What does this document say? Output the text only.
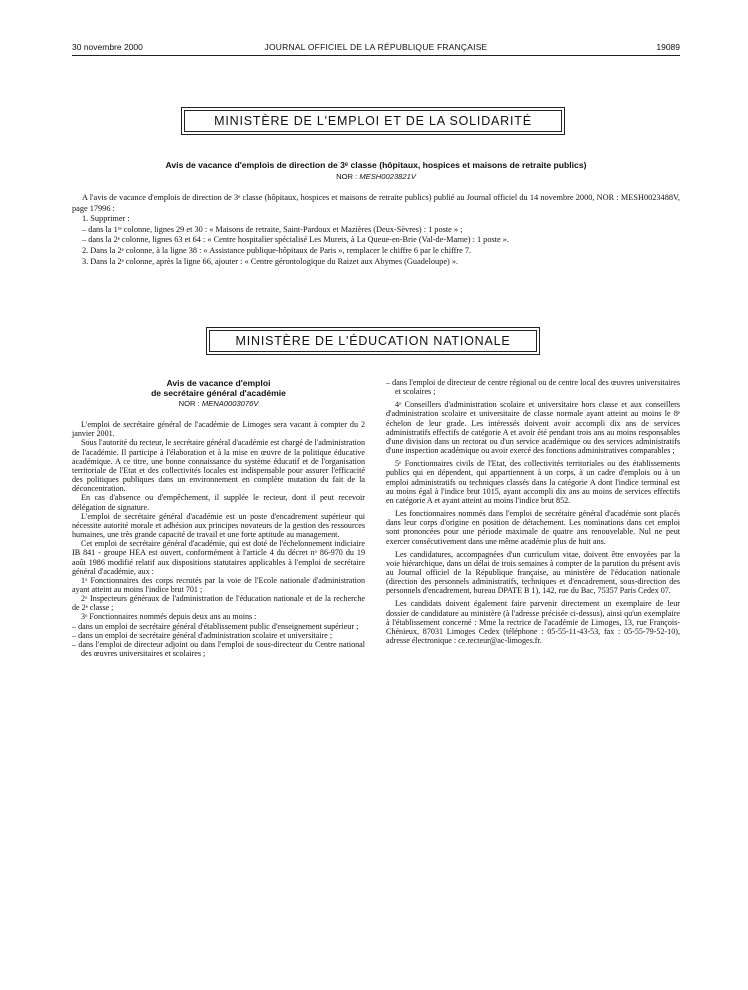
30 novembre 2000	JOURNAL OFFICIEL DE LA RÉPUBLIQUE FRANÇAISE	19089
MINISTÈRE DE L'EMPLOI ET DE LA SOLIDARITÉ
Avis de vacance d'emplois de direction de 3ᵉ classe (hôpitaux, hospices et maisons de retraite publics)
NOR : MESH0023821V

A l'avis de vacance d'emplois de direction de 3ᵉ classe (hôpitaux, hospices et maisons de retraite publics) publié au Journal officiel du 14 novembre 2000, NOR : MESH0023488V, page 17996 :

1. Supprimer :

– dans la 1ʳᵉ colonne, lignes 29 et 30 : « Maisons de retraite, Saint-Pardoux et Mazières (Deux-Sèvres) : 1 poste » ;

– dans la 2ᵉ colonne, lignes 63 et 64 : « Centre hospitalier spécialisé Les Murets, à La Queue-en-Brie (Val-de-Marne) : 1 poste ».

2. Dans la 2ᵉ colonne, à la ligne 38 : « Assistance publique-hôpitaux de Paris », remplacer le chiffre 6 par le chiffre 7.

3. Dans la 2ᵉ colonne, après la ligne 66, ajouter : « Centre gérontologique du Raizet aux Abymes (Guadeloupe) ».

MINISTÈRE DE L'ÉDUCATION NATIONALE

Avis de vacance d'emploi

de secrétaire général d'académie

NOR : MENA0003076V

L'emploi de secrétaire général de l'académie de Limoges sera vacant à compter du 2 janvier 2001.

Sous l'autorité du recteur, le secrétaire général d'académie est chargé de l'administration de l'académie. Il participe à l'élaboration et à la mise en œuvre de la politique éducative académique. A ce titre, une bonne connaissance du système éducatif et de l'organisation territoriale de l'Etat et des collectivités locales est indispensable pour assurer l'efficacité des politiques publiques dans un environnement en complète mutation du fait de la déconcentration.

En cas d'absence ou d'empêchement, il supplée le recteur, dont il peut recevoir délégation de signature.

L'emploi de secrétaire général d'académie est un poste d'encadrement supérieur qui nécessite autorité morale et adhésion aux principes novateurs de la gestion des ressources humaines, une très grande capacité de travail et une forte aptitude au management.

Cet emploi de secrétaire général d'académie, qui est doté de l'échelonnement indiciaire IB 841 - groupe HEA est ouvert, conformément à l'article 4 du décret nᵒ 86-970 du 19 août 1986 modifié relatif aux dispositions statutaires applicables à l'emploi de secrétaire général d'académie, aux :

1ᵒ Fonctionnaires des corps recrutés par la voie de l'Ecole nationale d'administration ayant atteint au moins l'indice brut 701 ;

2ᵒ Inspecteurs généraux de l'administration de l'éducation nationale et de la recherche de 2ᵉ classe ;

3ᵒ Fonctionnaires nommés depuis deux ans au moins :

– dans un emploi de secrétaire général d'établissement public d'enseignement supérieur ;

– dans un emploi de secrétaire général d'administration scolaire et universitaire ;

– dans l'emploi de directeur adjoint ou dans l'emploi de sous-directeur du Centre national des œuvres universitaires et scolaires ;

– dans l'emploi de directeur de centre régional ou de centre local des œuvres universitaires et scolaires ;

4ᵒ Conseillers d'administration scolaire et universitaire hors classe et aux conseillers d'administration scolaire et universitaire de classe normale ayant atteint au moins le 8ᵉ échelon de leur grade. Les intéressés doivent avoir accompli dix ans de services administratifs effectifs de catégorie A et avoir été pendant trois ans au moins responsables d'une division dans un rectorat ou d'un service académique ou des services administratifs d'une inspection académique ou avoir exercé des fonctions administratives comparables ;

5ᵒ Fonctionnaires civils de l'Etat, des collectivités territoriales ou des établissements publics qui en dépendent, qui appartiennent à un corps, à un cadre d'emplois ou à un emploi administratifs ou techniques classés dans la catégorie A dont l'indice terminal est au moins égal à l'indice brut 1015, ayant accompli dix ans au moins de services effectifs en catégorie A et ayant atteint au moins l'indice brut 852.

Les fonctionnaires nommés dans l'emploi de secrétaire général d'académie sont placés dans leur corps d'origine en position de détachement. Les nominations dans cet emploi sont prononcées pour une période maximale de quatre ans renouvelable. Nul ne peut exercer consécutivement dans une même académie plus de huit ans.

Les candidatures, accompagnées d'un curriculum vitae, doivent être envoyées par la voie hiérarchique, dans un délai de trois semaines à compter de la parution du présent avis au Journal officiel de la République française, au ministère de l'éducation nationale (direction des personnels administratifs, techniques et d'encadrement, sous-direction des personnels d'encadrement, bureau DPATE B 1), 142, rue du Bac, 75357 Paris Cedex 07.

Les candidats doivent également faire parvenir directement un exemplaire de leur dossier de candidature au ministère (à l'adresse précisée ci-dessus), ainsi qu'un exemplaire à l'établissement concerné : Mme la rectrice de l'académie de Limoges, 13, rue François-Chénieux, 87031 Limoges Cedex (téléphone : 05-55-11-43-53, fax : 05-55-79-52-10), adresse électronique : ce.recteur@ac-limoges.fr.
